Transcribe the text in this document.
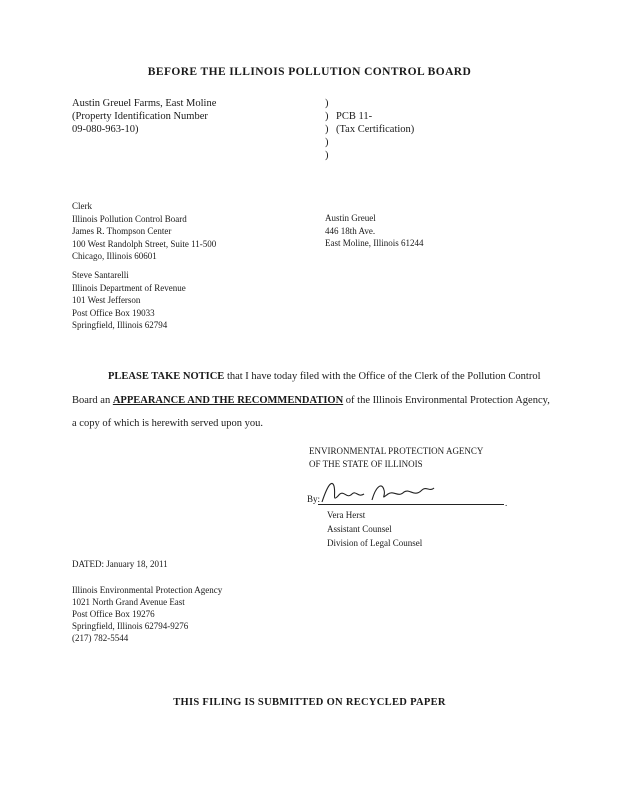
BEFORE THE ILLINOIS POLLUTION CONTROL BOARD
Austin Greuel Farms, East Moline
(Property Identification Number
09-080-963-10)
)
)
)
)
)
PCB 11-
(Tax Certification)
Clerk
Illinois Pollution Control Board
James R. Thompson Center
100 West Randolph Street, Suite 11-500
Chicago, Illinois 60601
Austin Greuel
446 18th Ave.
East Moline, Illinois 61244
Steve Santarelli
Illinois Department of Revenue
101 West Jefferson
Post Office Box 19033
Springfield, Illinois 62794
PLEASE TAKE NOTICE that I have today filed with the Office of the Clerk of the Pollution Control Board an APPEARANCE AND THE RECOMMENDATION of the Illinois Environmental Protection Agency, a copy of which is herewith served upon you.
ENVIRONMENTAL PROTECTION AGENCY
OF THE STATE OF ILLINOIS
By:	.
Vera Herst
Assistant Counsel
Division of Legal Counsel
DATED: January 18, 2011
Illinois Environmental Protection Agency
1021 North Grand Avenue East
Post Office Box 19276
Springfield, Illinois 62794-9276
(217) 782-5544
THIS FILING IS SUBMITTED ON RECYCLED PAPER
